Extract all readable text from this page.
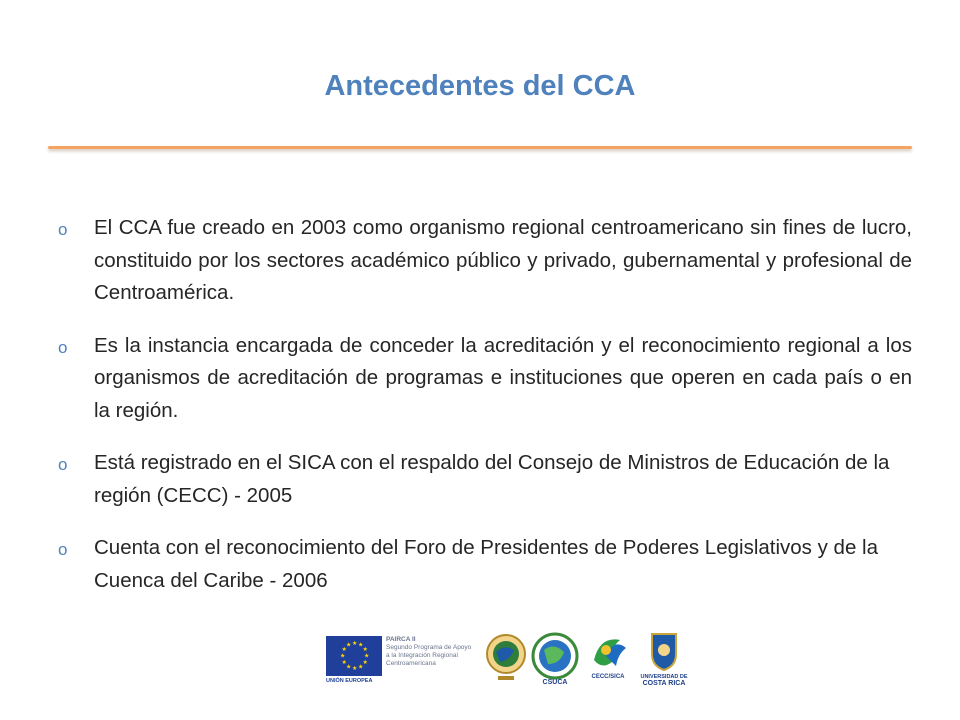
Antecedentes del CCA
o El CCA fue creado en 2003 como organismo regional centroamericano sin fines de lucro, constituido por los sectores académico público y privado, gubernamental y profesional de Centroamérica.
o Es la instancia encargada de conceder la acreditación y el reconocimiento regional a los organismos de acreditación de programas e instituciones que operen en cada país o en la región.
o Está registrado en el SICA con el respaldo del Consejo de Ministros de Educación de la región (CECC) - 2005
o Cuenta con el reconocimiento del Foro de Presidentes de Poderes Legislativos y de la Cuenca del Caribe - 2006
★ ★
★
★
★
★
★
★
★
★
★
★
UNIÓN EUROPEA
PAIRCA II
Segundo Programa de Apoyo
a la Integración Regional
Centroamericana
CSUCA
CECC/SICA	UNIVERSIDAD DE
COSTA RICA
